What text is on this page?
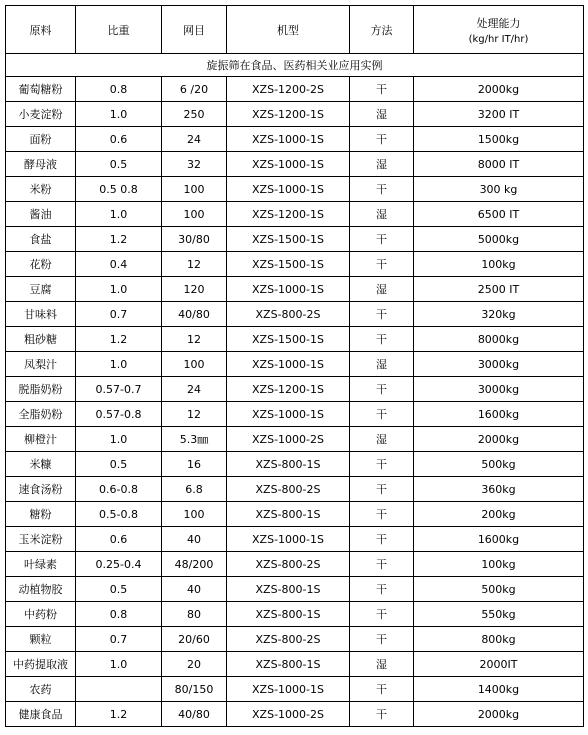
原料	比重	网目	机型	方法	处理能力
(kg/hr IT/hr)

旋振筛在食品、医药相关业应用实例					
葡萄糖粉	0.8	6 /20	XZS-1200-2S	干	2000kg
小麦淀粉	1.0	250	XZS-1200-1S	湿	3200 IT
面粉	0.6	24	XZS-1000-1S	干	1500kg
酵母液	0.5	32	XZS-1000-1S	湿	8000 IT
米粉	0.5 0.8	100	XZS-1000-1S	干	300 kg
酱油	1.0	100	XZS-1200-1S	湿	6500 IT
食盐	1.2	30/80	XZS-1500-1S	干	5000kg
花粉	0.4	12	XZS-1500-1S	干	100kg
豆腐	1.0	120	XZS-1000-1S	湿	2500 IT
甘味料	0.7	40/80	XZS-800-2S	干	320kg
粗砂糖	1.2	12	XZS-1500-1S	干	8000kg
凤梨汁	1.0	100	XZS-1000-1S	湿	3000kg
脱脂奶粉	0.57-0.7	24	XZS-1200-1S	干	3000kg
全脂奶粉	0.57-0.8	12	XZS-1000-1S	干	1600kg
柳橙汁	1.0	5.3㎜	XZS-1000-2S	湿	2000kg
米糠	0.5	16	XZS-800-1S	干	500kg
速食汤粉	0.6-0.8	6.8	XZS-800-2S	干	360kg
糖粉	0.5-0.8	100	XZS-800-1S	干	200kg
玉米淀粉	0.6	40	XZS-1000-1S	干	1600kg
叶绿素	0.25-0.4	48/200	XZS-800-2S	干	100kg
动植物胶	0.5	40	XZS-800-1S	干	500kg
中药粉	0.8	80	XZS-800-1S	干	550kg
颗粒	0.7	20/60	XZS-800-2S	干	800kg
中药提取液	1.0	20	XZS-800-1S	湿	2000IT
农药		80/150	XZS-1000-1S	干	1400kg
健康食品	1.2	40/80	XZS-1000-2S	干	2000kg
